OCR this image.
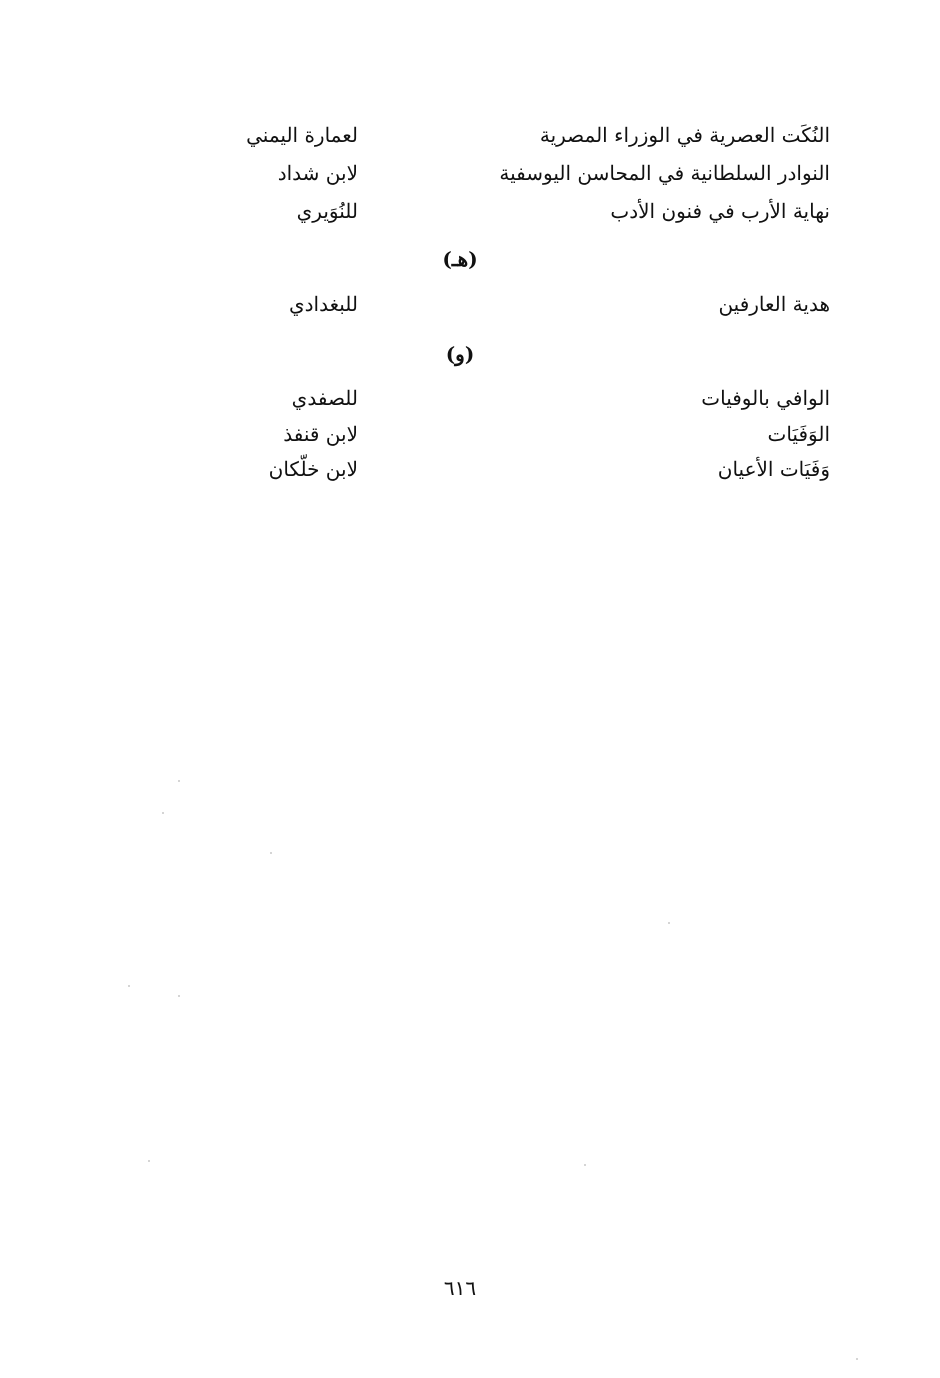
النُكَت العصرية في الوزراء المصرية
لعمارة اليمني
النوادر السلطانية في المحاسن اليوسفية
لابن شداد
نهاية الأرب في فنون الأدب
للنُوَيري
(هـ)
هدية العارفين
للبغدادي
(و)
الوافي بالوفيات
للصفدي
الوَفَيَات
لابن قنفذ
وَفَيَات الأعيان
لابن خلّكان
٦١٦
